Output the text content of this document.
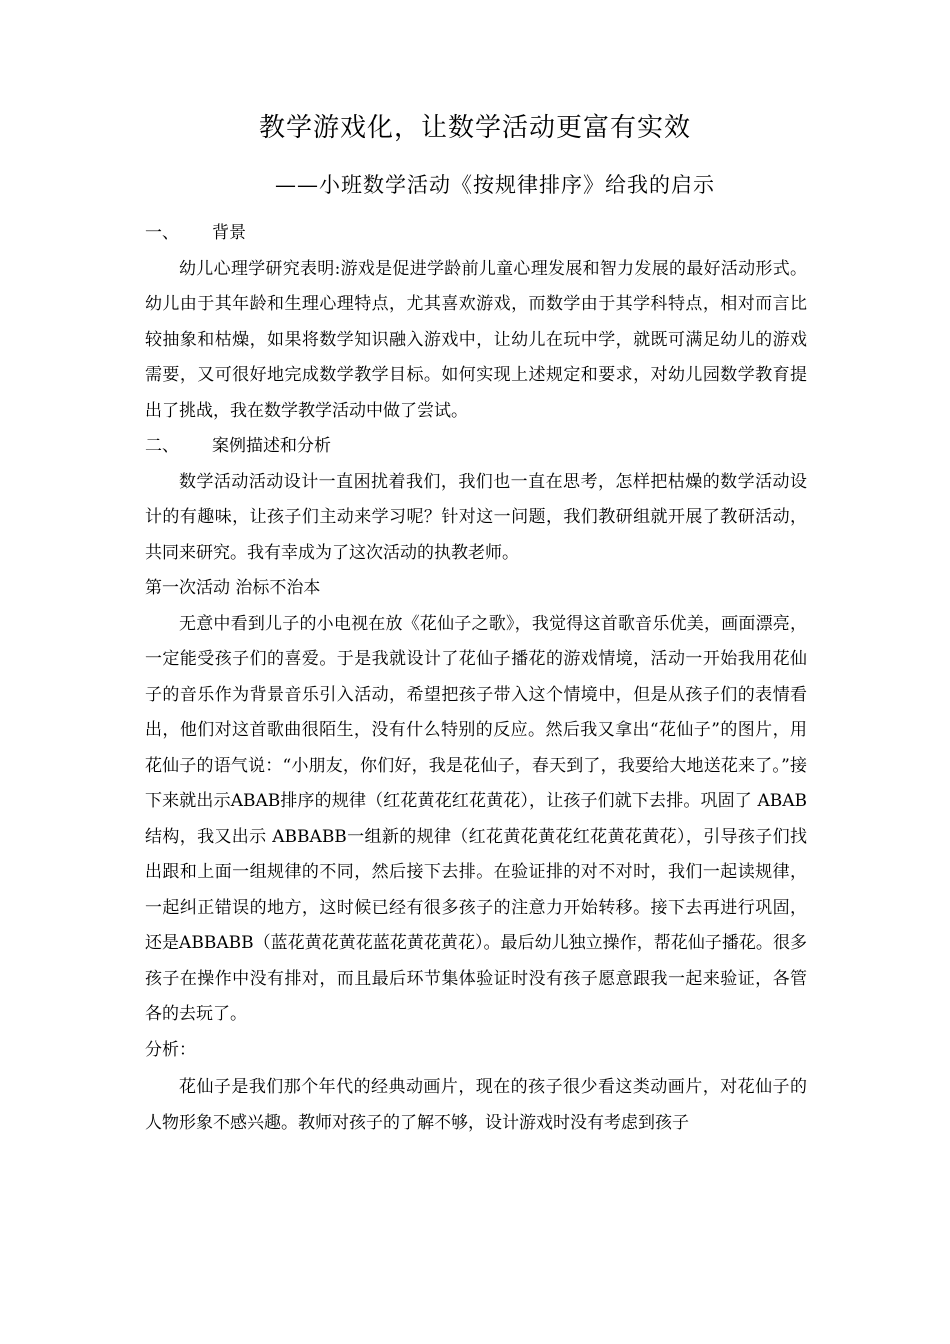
教学游戏化，让数学活动更富有实效
——小班数学活动《按规律排序》给我的启示

一、 背景

幼儿心理学研究表明:游戏是促进学龄前儿童心理发展和智力发展的最好活动形式。幼儿由于其年龄和生理心理特点，尤其喜欢游戏，而数学由于其学科特点，相对而言比较抽象和枯燥，如果将数学知识融入游戏中，让幼儿在玩中学，就既可满足幼儿的游戏需要，又可很好地完成数学教学目标。如何实现上述规定和要求，对幼儿园数学教育提出了挑战，我在数学教学活动中做了尝试。

二、 案例描述和分析

数学活动活动设计一直困扰着我们，我们也一直在思考，怎样把枯燥的数学活动设计的有趣味，让孩子们主动来学习呢？针对这一问题，我们教研组就开展了教研活动，共同来研究。我有幸成为了这次活动的执教老师。

第一次活动 治标不治本

无意中看到儿子的小电视在放《花仙子之歌》，我觉得这首歌音乐优美，画面漂亮，一定能受孩子们的喜爱。于是我就设计了花仙子播花的游戏情境，活动一开始我用花仙子的音乐作为背景音乐引入活动，希望把孩子带入这个情境中，但是从孩子们的表情看出，他们对这首歌曲很陌生，没有什么特别的反应。然后我又拿出“花仙子”的图片，用花仙子的语气说：“小朋友，你们好，我是花仙子，春天到了，我要给大地送花来了。”接下来就出示ABAB排序的规律（红花黄花红花黄花），让孩子们就下去排。巩固了 ABAB 结构，我又出示 ABBABB一组新的规律（红花黄花黄花红花黄花黄花），引导孩子们找出跟和上面一组规律的不同，然后接下去排。在验证排的对不对时，我们一起读规律，一起纠正错误的地方，这时候已经有很多孩子的注意力开始转移。接下去再进行巩固，还是ABBABB（蓝花黄花黄花蓝花黄花黄花）。最后幼儿独立操作，帮花仙子播花。很多孩子在操作中没有排对，而且最后环节集体验证时没有孩子愿意跟我一起来验证，各管各的去玩了。

分析：

花仙子是我们那个年代的经典动画片，现在的孩子很少看这类动画片，对花仙子的人物形象不感兴趣。教师对孩子的了解不够，设计游戏时没有考虑到孩子
